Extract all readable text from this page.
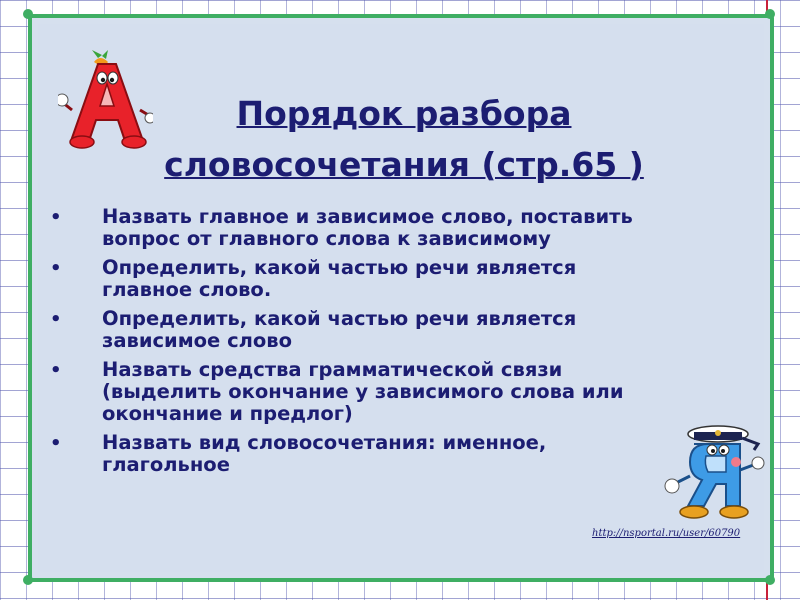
Порядок разбора
словосочетания (стр.65 )
• Назвать главное и зависимое слово, поставить
вопрос от главного слова к зависимому
• Определить, какой частью речи является
главное слово.
• Определить, какой частью речи является
зависимое слово
• Назвать средства грамматической связи
(выделить окончание у зависимого слова или
окончание и предлог)
• Назвать вид словосочетания: именное,
глагольное
http://nsportal.ru/user/60790
